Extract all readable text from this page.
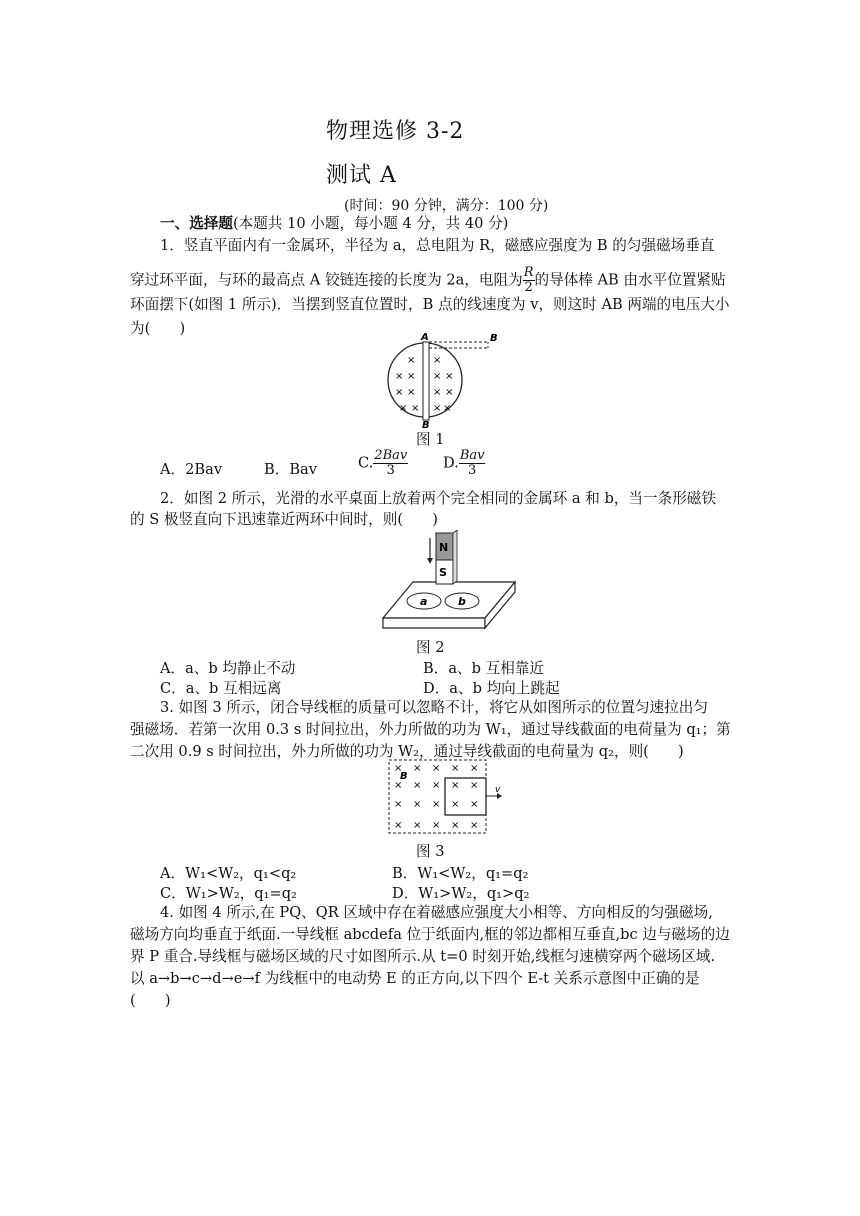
物理选修 3-2
测试 A
(时间：90 分钟，满分：100 分)
一、选择题(本题共 10 小题，每小题 4 分，共 40 分)
1．竖直平面内有一金属环，半径为 a，总电阻为 R，磁感应强度为 B 的匀强磁场垂直
穿过环平面，与环的最高点 A 铰链连接的长度为 2a，电阻为 $\frac{R}{2}$ 的导体棒 AB 由水平位置紧贴
环面摆下(如图 1 所示)．当摆到竖直位置时，B 点的线速度为 v，则这时 AB 两端的电压大小
为(　　)
A	B
B
× × × ×
× × × ×
× × × ×
× ×
图 1
A．2Bav	B．Bav	C. $\frac{\text{2Bav}}{3} D$. $\frac{\text{Bav}}{3}$
2．如图 2 所示，光滑的水平桌面上放着两个完全相同的金属环 a 和 b，当一条形磁铁
的 S 极竖直向下迅速靠近两环中间时，则(　　)
N
S
a	b
图 2
A．a、b 均静止不动	B．a、b 互相靠近
C．a、b 互相远离	D．a、b 均向上跳起
3. 如图 3 所示，闭合导线框的质量可以忽略不计，将它从如图所示的位置匀速拉出匀
强磁场．若第一次用 0.3 s 时间拉出，外力所做的功为 W₁，通过导线截面的电荷量为 q₁；第
二次用 0.9 s 时间拉出，外力所做的功为 W₂，通过导线截面的电荷量为 q₂，则(　　)
v
B
× × × × ×
× × × × ×
× × × × ×
× × × × ×
图 3
A．W₁<W₂，q₁<q₂	B．W₁<W₂，q₁=q₂
C．W₁>W₂，q₁=q₂	D．W₁>W₂，q₁>q₂
4. 如图 4 所示,在 PQ、QR 区域中存在着磁感应强度大小相等、方向相反的匀强磁场,
磁场方向均垂直于纸面.一导线框 abcdefa 位于纸面内,框的邻边都相互垂直,bc 边与磁场的边
界 P 重合.导线框与磁场区域的尺寸如图所示.从 t=0 时刻开始,线框匀速横穿两个磁场区域.
以 a→b→c→d→e→f 为线框中的电动势 E 的正方向,以下四个 E-t 关系示意图中正确的是
(　　)
